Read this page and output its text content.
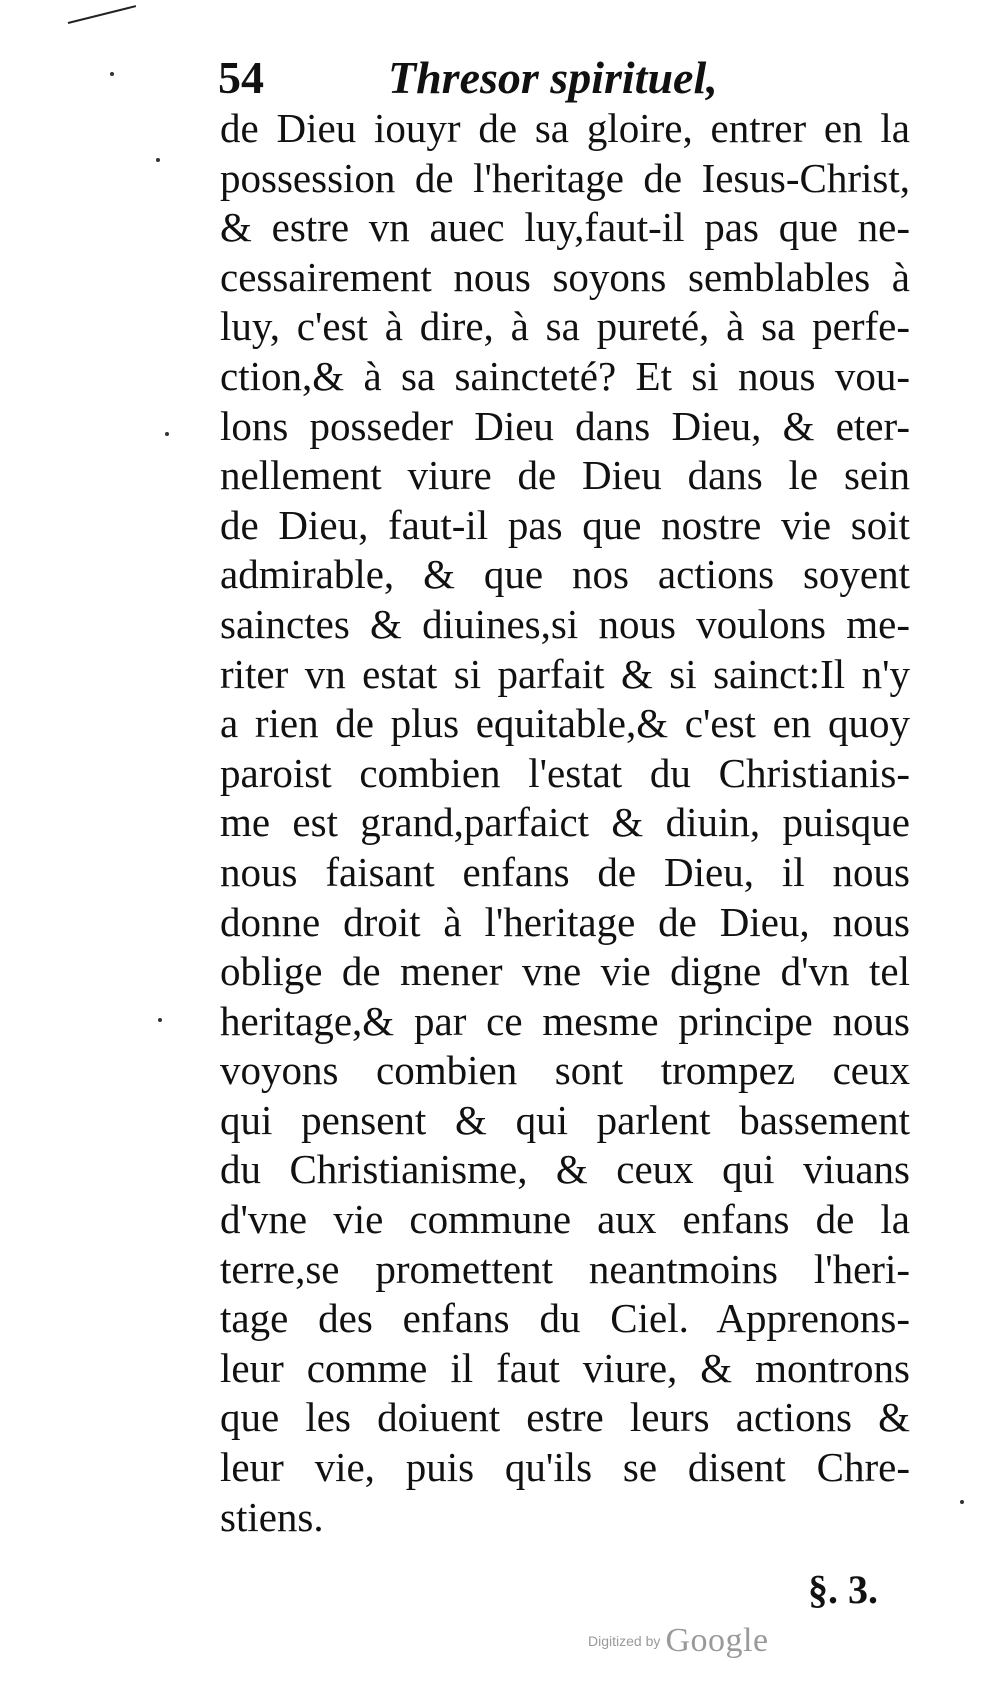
54	Thresor spirituel,
de Dieu iouyr de sa gloire, entrer en la
possession de l'heritage de Iesus-Christ,
& estre vn auec luy,faut-il pas que ne-
cessairement nous soyons semblables à
luy, c'est à dire, à sa pureté, à sa perfe-
ction,& à sa saincteté? Et si nous vou-
lons posseder Dieu dans Dieu, & eter-
nellement viure de Dieu dans le sein
de Dieu, faut-il pas que nostre vie soit
admirable, & que nos actions soyent
sainctes & diuines,si nous voulons me-
riter vn estat si parfait & si sainct:Il n'y
a rien de plus equitable,& c'est en quoy
paroist combien l'estat du Christianis-
me est grand,parfaict & diuin, puisque
nous faisant enfans de Dieu, il nous
donne droit à l'heritage de Dieu, nous
oblige de mener vne vie digne d'vn tel
heritage,& par ce mesme principe nous
voyons combien sont trompez ceux
qui pensent & qui parlent bassement
du Christianisme, & ceux qui viuans
d'vne vie commune aux enfans de la
terre,se promettent neantmoins l'heri-
tage des enfans du Ciel. Apprenons-
leur comme il faut viure, & montrons
que les doiuent estre leurs actions &
leur vie, puis qu'ils se disent Chre-
stiens.
§. 3.
Digitized by Google
